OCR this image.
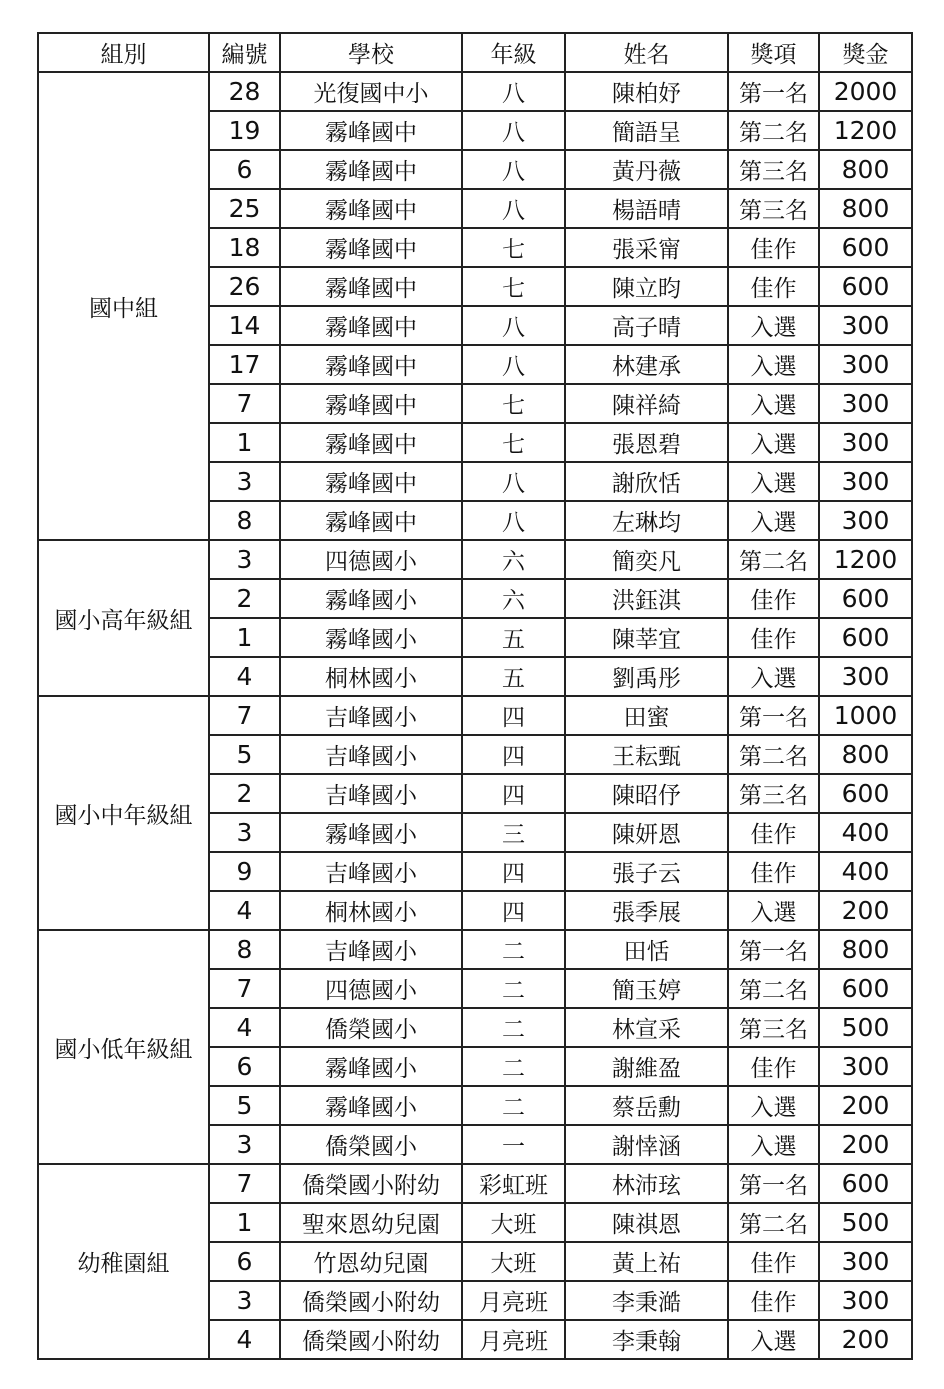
組別	編號	學校	年級	姓名	獎項	獎金
國中組	28	光復國中小	八	陳柏妤	第一名	2000
	19	霧峰國中	八	簡語呈	第二名	1200
	6	霧峰國中	八	黃丹薇	第三名	800
	25	霧峰國中	八	楊語晴	第三名	800
	18	霧峰國中	七	張采甯	佳作	600
	26	霧峰國中	七	陳立昀	佳作	600
	14	霧峰國中	八	高子晴	入選	300
	17	霧峰國中	八	林建承	入選	300
	7	霧峰國中	七	陳祥綺	入選	300
	1	霧峰國中	七	張恩碧	入選	300
	3	霧峰國中	八	謝欣恬	入選	300
	8	霧峰國中	八	左琳均	入選	300
國小高年級組	3	四德國小	六	簡奕凡	第二名	1200
	2	霧峰國小	六	洪鈺淇	佳作	600
	1	霧峰國小	五	陳莘宜	佳作	600
	4	桐林國小	五	劉禹彤	入選	300
國小中年級組	7	吉峰國小	四	田蜜	第一名	1000
	5	吉峰國小	四	王耘甄	第二名	800
	2	吉峰國小	四	陳昭伃	第三名	600
	3	霧峰國小	三	陳妍恩	佳作	400
	9	吉峰國小	四	張子云	佳作	400
	4	桐林國小	四	張季展	入選	200
國小低年級組	8	吉峰國小	二	田恬	第一名	800
	7	四德國小	二	簡玉婷	第二名	600
	4	僑榮國小	二	林宣采	第三名	500
	6	霧峰國小	二	謝維盈	佳作	300
	5	霧峰國小	二	蔡岳勳	入選	200
	3	僑榮國小	一	謝悻涵	入選	200
幼稚園組	7	僑榮國小附幼	彩虹班	林沛玹	第一名	600
	1	聖來恩幼兒園	大班	陳祺恩	第二名	500
	6	竹恩幼兒園	大班	黃上祐	佳作	300
	3	僑榮國小附幼	月亮班	李秉澔	佳作	300
	4	僑榮國小附幼	月亮班	李秉翰	入選	200
